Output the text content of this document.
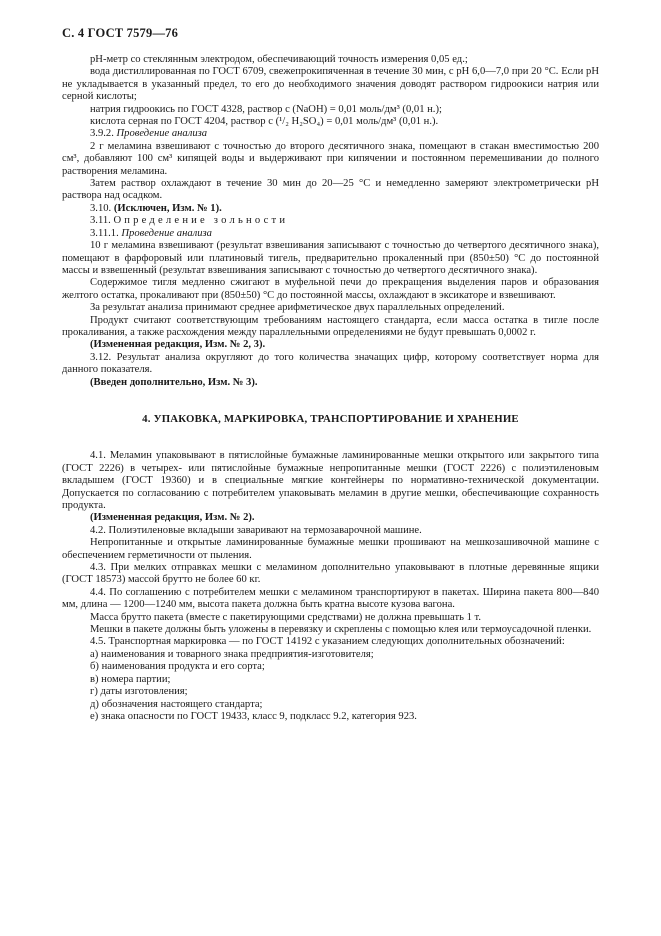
С. 4 ГОСТ 7579—76

pH-метр со стеклянным электродом, обеспечивающий точность измерения 0,05 ед.;

вода дистиллированная по ГОСТ 6709, свежепрокипяченная в течение 30 мин, с pH 6,0—7,0 при 20 °С. Если pH не укладывается в указанный предел, то его до необходимого значения доводят раствором гидроокиси натрия или серной кислоты;

натрия гидроокись по ГОСТ 4328, раствор c (NaOH) = 0,01 моль/дм³ (0,01 н.);

кислота серная по ГОСТ 4204, раствор c (¹/₂ H₂SO₄) = 0,01 моль/дм³ (0,01 н.).

3.9.2. Проведение анализа

2 г меламина взвешивают с точностью до второго десятичного знака, помещают в стакан вместимостью 200 см³, добавляют 100 см³ кипящей воды и выдерживают при кипячении и постоянном перемешивании до полного растворения меламина.

Затем раствор охлаждают в течение 30 мин до 20—25 °С и немедленно замеряют электрометрически pH раствора над осадком.

3.10. (Исключен, Изм. № 1).

3.11. Определение зольности

3.11.1. Проведение анализа

10 г меламина взвешивают (результат взвешивания записывают с точностью до четвертого десятичного знака), помещают в фарфоровый или платиновый тигель, предварительно прокаленный при (850±50) °С до постоянной массы и взвешенный (результат взвешивания записывают с точностью до четвертого десятичного знака).

Содержимое тигля медленно сжигают в муфельной печи до прекращения выделения паров и образования желтого остатка, прокаливают при (850±50) °С до постоянной массы, охлаждают в эксикаторе и взвешивают.

За результат анализа принимают среднее арифметическое двух параллельных определений.

Продукт считают соответствующим требованиям настоящего стандарта, если масса остатка в тигле после прокаливания, а также расхождения между параллельными определениями не будут превышать 0,0002 г.

(Измененная редакция, Изм. № 2, 3).

3.12. Результат анализа округляют до того количества значащих цифр, которому соответствует норма для данного показателя.

(Введен дополнительно, Изм. № 3).

4. УПАКОВКА, МАРКИРОВКА, ТРАНСПОРТИРОВАНИЕ И ХРАНЕНИЕ

4.1. Меламин упаковывают в пятислойные бумажные ламинированные мешки открытого или закрытого типа (ГОСТ 2226) в четырех- или пятислойные бумажные непропитанные мешки (ГОСТ 2226) с полиэтиленовым вкладышем (ГОСТ 19360) и в специальные мягкие контейнеры по нормативно-технической документации. Допускается по согласованию с потребителем упаковывать меламин в другие мешки, обеспечивающие сохранность продукта.

(Измененная редакция, Изм. № 2).

4.2. Полиэтиленовые вкладыши заваривают на термозаварочной машине.

Непропитанные и открытые ламинированные бумажные мешки прошивают на мешкозашивочной машине с обеспечением герметичности от пыления.

4.3. При мелких отправках мешки с меламином дополнительно упаковывают в плотные деревянные ящики (ГОСТ 18573) массой брутто не более 60 кг.

4.4. По соглашению с потребителем мешки с меламином транспортируют в пакетах. Ширина пакета 800—840 мм, длина — 1200—1240 мм, высота пакета должна быть кратна высоте кузова вагона.

Масса брутто пакета (вместе с пакетирующими средствами) не должна превышать 1 т.

Мешки в пакете должны быть уложены в перевязку и скреплены с помощью клея или термоусадочной пленки.

4.5. Транспортная маркировка — по ГОСТ 14192 с указанием следующих дополнительных обозначений:

а) наименования и товарного знака предприятия-изготовителя;

б) наименования продукта и его сорта;

в) номера партии;

г) даты изготовления;

д) обозначения настоящего стандарта;

е) знака опасности по ГОСТ 19433, класс 9, подкласс 9.2, категория 923.
